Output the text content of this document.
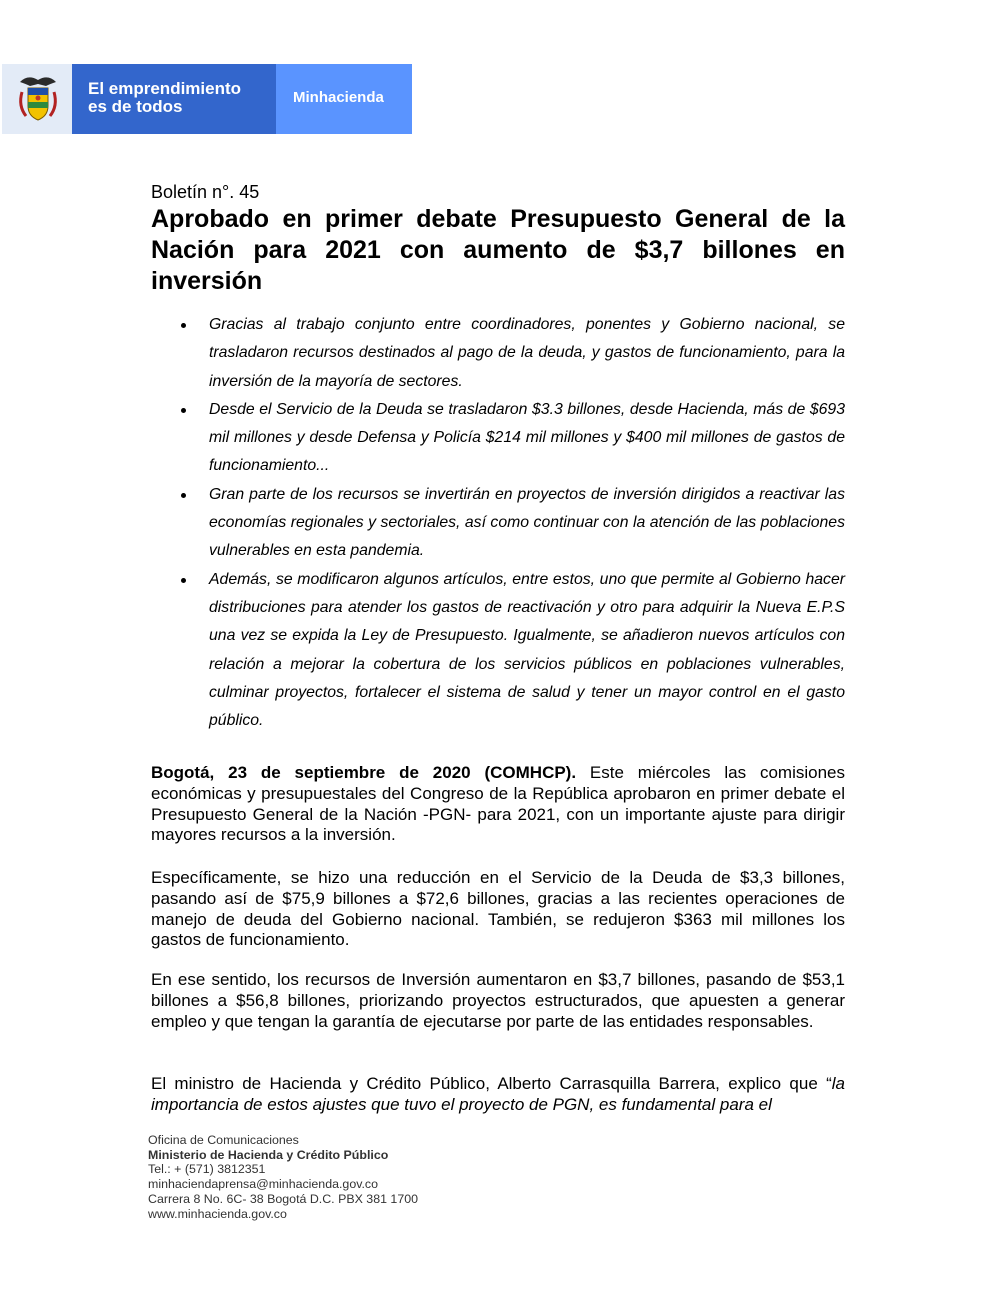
El emprendimiento
es de todos	Minhacienda
Boletín n°. 45
Aprobado en primer debate Presupuesto General de la Nación para 2021 con aumento de $3,7 billones en inversión
Gracias al trabajo conjunto entre coordinadores, ponentes y Gobierno nacional, se trasladaron recursos destinados al pago de la deuda, y gastos de funcionamiento, para la inversión de la mayoría de sectores.
Desde el Servicio de la Deuda se trasladaron $3.3 billones, desde Hacienda, más de $693 mil millones y desde Defensa y Policía $214 mil millones y $400 mil millones de gastos de funcionamiento...
Gran parte de los recursos se invertirán en proyectos de inversión dirigidos a reactivar las economías regionales y sectoriales, así como continuar con la atención de las poblaciones vulnerables en esta pandemia.
Además, se modificaron algunos artículos, entre estos, uno que permite al Gobierno hacer distribuciones para atender los gastos de reactivación y otro para adquirir la Nueva E.P.S una vez se expida la Ley de Presupuesto. Igualmente, se añadieron nuevos artículos con relación a mejorar la cobertura de los servicios públicos en poblaciones vulnerables, culminar proyectos, fortalecer el sistema de salud y tener un mayor control en el gasto público.

Bogotá, 23 de septiembre de 2020 (COMHCP). Este miércoles las comisiones económicas y presupuestales del Congreso de la República aprobaron en primer debate el Presupuesto General de la Nación -PGN- para 2021, con un importante ajuste para dirigir mayores recursos a la inversión.

Específicamente, se hizo una reducción en el Servicio de la Deuda de $3,3 billones, pasando así de $75,9 billones a $72,6 billones, gracias a las recientes operaciones de manejo de deuda del Gobierno nacional. También, se redujeron $363 mil millones los gastos de funcionamiento.

En ese sentido, los recursos de Inversión aumentaron en $3,7 billones, pasando de $53,1 billones a $56,8 billones, priorizando proyectos estructurados, que apuesten a generar empleo y que tengan la garantía de ejecutarse por parte de las entidades responsables.

El ministro de Hacienda y Crédito Público, Alberto Carrasquilla Barrera, explico que “la importancia de estos ajustes que tuvo el proyecto de PGN, es fundamental para el

Oficina de Comunicaciones
Ministerio de Hacienda y Crédito Público
Tel.: + (571) 3812351
minhaciendaprensa@minhacienda.gov.co
Carrera 8 No. 6C- 38 Bogotá D.C. PBX 381 1700
www.minhacienda.gov.co
